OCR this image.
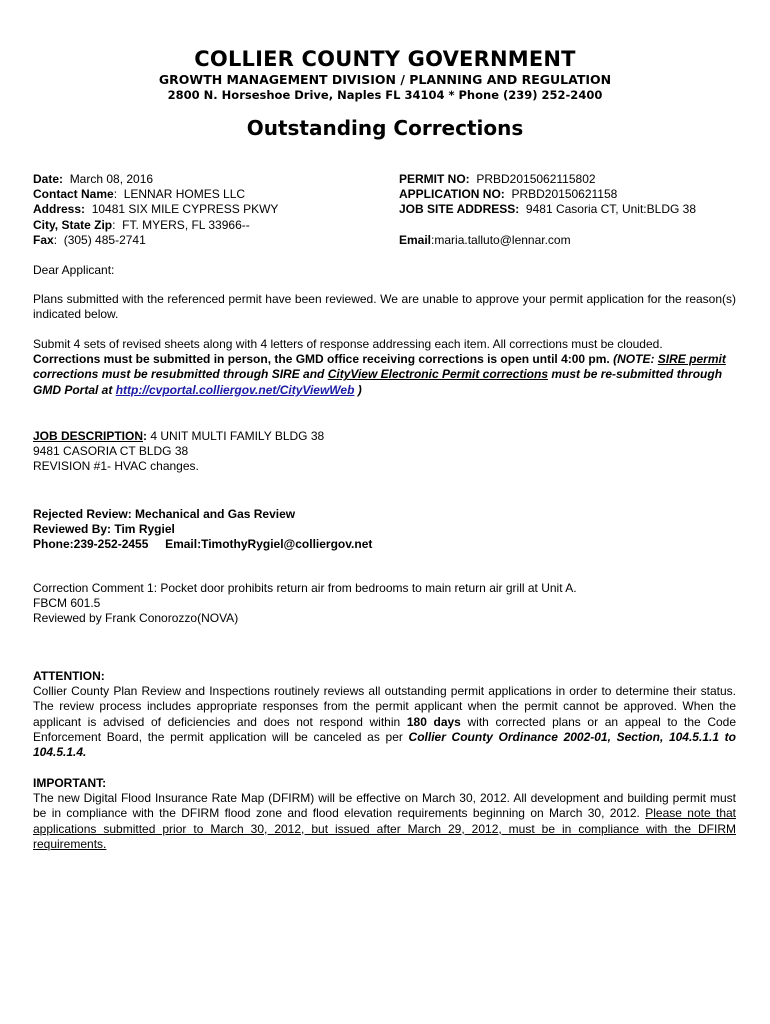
COLLIER COUNTY GOVERNMENT
GROWTH MANAGEMENT DIVISION / PLANNING AND REGULATION
2800 N. Horseshoe Drive, Naples FL 34104 * Phone (239) 252-2400
Outstanding Corrections
Date: March 08, 2016
Contact Name:  LENNAR HOMES LLC
Address: 10481 SIX MILE CYPRESS PKWY
City, State Zip:  FT. MYERS, FL 33966--
Fax:  (305) 485-2741
PERMIT NO: PRBD2015062115802
APPLICATION NO: PRBD20150621158
JOB SITE ADDRESS: 9481 Casoria CT, Unit:BLDG 38
Email:maria.talluto@lennar.com
Dear Applicant:
Plans submitted with the referenced permit have been reviewed. We are unable to approve your permit application for the reason(s) indicated below.
Submit 4 sets of revised sheets along with 4 letters of response addressing each item. All corrections must be clouded.
Corrections must be submitted in person, the GMD office receiving corrections is open until 4:00 pm. (NOTE: SIRE permit corrections must be resubmitted through SIRE and CityView Electronic Permit corrections must be re-submitted through GMD Portal at http://cvportal.colliergov.net/CityViewWeb )
JOB DESCRIPTION: 4 UNIT MULTI FAMILY BLDG 38
9481 CASORIA CT BLDG 38
REVISION #1- HVAC changes.
Rejected Review: Mechanical and Gas Review
Reviewed By: Tim Rygiel
Phone:239-252-2455 Email:TimothyRygiel@colliergov.net
Correction Comment 1: Pocket door prohibits return air from bedrooms to main return air grill at Unit A.
FBCM 601.5
Reviewed by Frank Conorozzo(NOVA)
ATTENTION:
Collier County Plan Review and Inspections routinely reviews all outstanding permit applications in order to determine their status. The review process includes appropriate responses from the permit applicant when the permit cannot be approved. When the applicant is advised of deficiencies and does not respond within 180 days with corrected plans or an appeal to the Code Enforcement Board, the permit application will be canceled as per Collier County Ordinance 2002-01, Section, 104.5.1.1 to 104.5.1.4.
IMPORTANT:
The new Digital Flood Insurance Rate Map (DFIRM) will be effective on March 30, 2012. All development and building permit must be in compliance with the DFIRM flood zone and flood elevation requirements beginning on March 30, 2012. Please note that applications submitted prior to March 30, 2012, but issued after March 29, 2012, must be in compliance with the DFIRM requirements.
